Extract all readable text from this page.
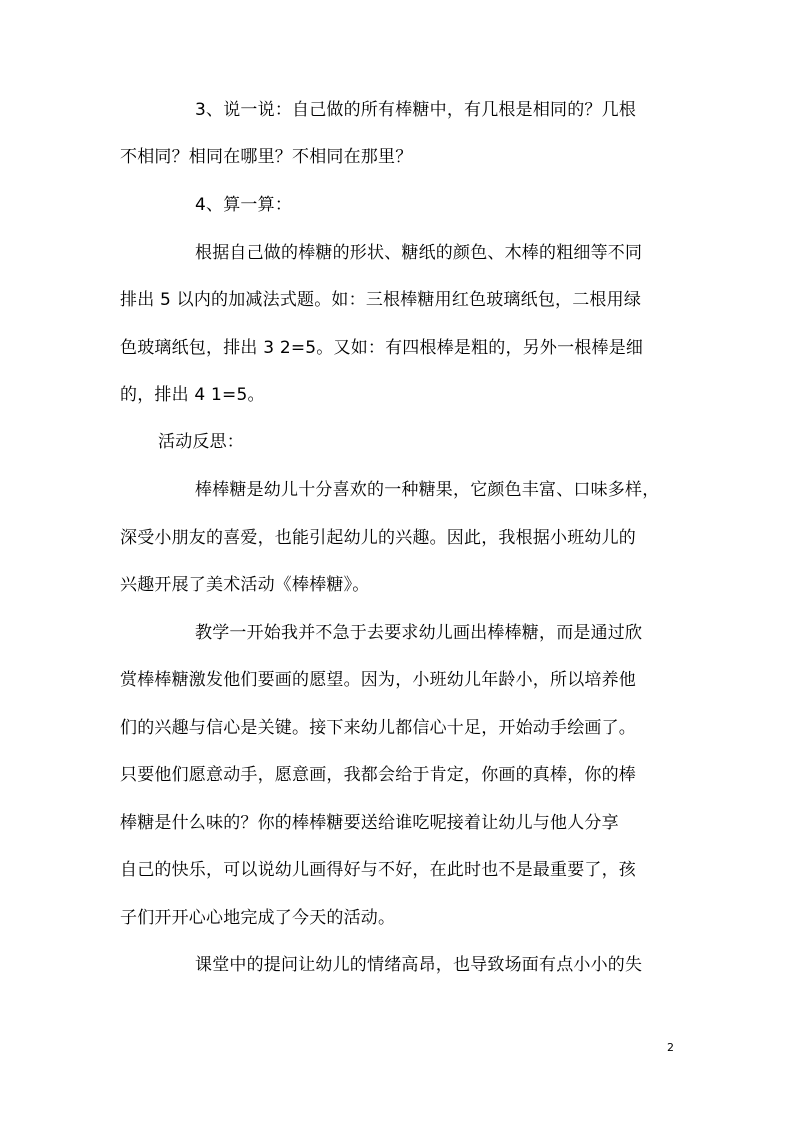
3、说一说：自己做的所有棒糖中，有几根是相同的？几根
不相同？相同在哪里？不相同在那里？
4、算一算：
根据自己做的棒糖的形状、糖纸的颜色、木棒的粗细等不同
排出 5 以内的加减法式题。如：三根棒糖用红色玻璃纸包，二根用绿
色玻璃纸包，排出 3 2=5。又如：有四根棒是粗的，另外一根棒是细
的，排出 4 1=5。
活动反思：
棒棒糖是幼儿十分喜欢的一种糖果，它颜色丰富、口味多样，
深受小朋友的喜爱，也能引起幼儿的兴趣。因此，我根据小班幼儿的
兴趣开展了美术活动《棒棒糖》。
教学一开始我并不急于去要求幼儿画出棒棒糖，而是通过欣
赏棒棒糖激发他们要画的愿望。因为，小班幼儿年龄小，所以培养他
们的兴趣与信心是关键。接下来幼儿都信心十足，开始动手绘画了。
只要他们愿意动手，愿意画，我都会给于肯定，你画的真棒，你的棒
棒糖是什么味的？你的棒棒糖要送给谁吃呢接着让幼儿与他人分享
自己的快乐，可以说幼儿画得好与不好，在此时也不是最重要了，孩
子们开开心心地完成了今天的活动。
课堂中的提问让幼儿的情绪高昂，也导致场面有点小小的失
2
